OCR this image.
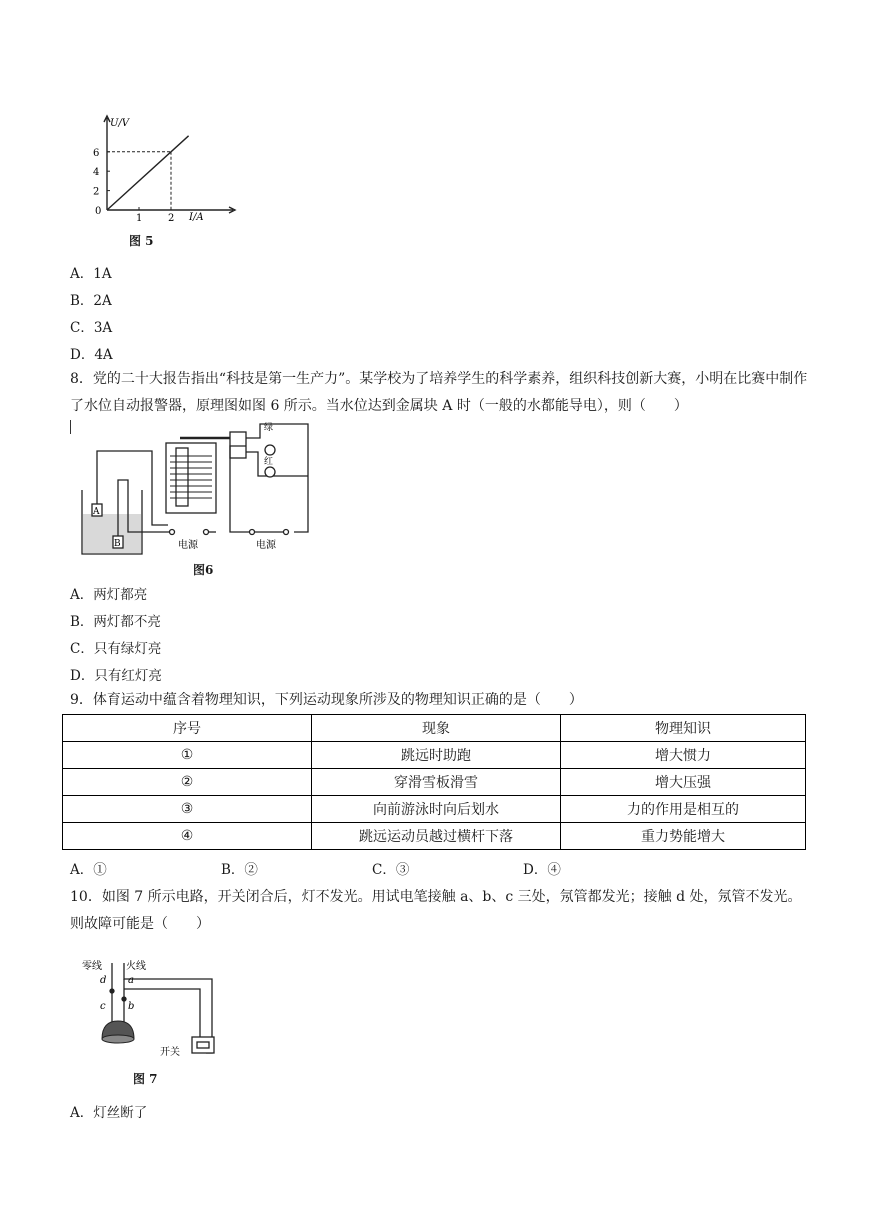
1	2
2
4
6
U/V
I/A
0
图 5
A．1A
B．2A
C．3A
D．4A
8．党的二十大报告指出“科技是第一生产力”。某学校为了培养学生的科学素养，组织科技创新大赛，小明在比赛中制作了水位自动报警器，原理图如图 6 所示。当水位达到金属块 A 时（一般的水都能导电），则（　　）
A
B
绿
红
电源	电源
图6
A．两灯都亮
B．两灯都不亮
C．只有绿灯亮
D．只有红灯亮
9．体育运动中蕴含着物理知识，下列运动现象所涉及的物理知识正确的是（　　）
序号	现象	物理知识
①	跳远时助跑	增大惯力
②	穿滑雪板滑雪	增大压强
③	向前游泳时向后划水	力的作用是相互的
④	跳远运动员越过横杆下落	重力势能增大
A．①	B．②	C．③	D．④
10．如图 7 所示电路，开关闭合后，灯不发光。用试电笔接触 a、b、c 三处，氖管都发光；接触 d 处，氖管不发光。则故障可能是（　　）
零线 火线
d a
c b
开关
图 7
A．灯丝断了
